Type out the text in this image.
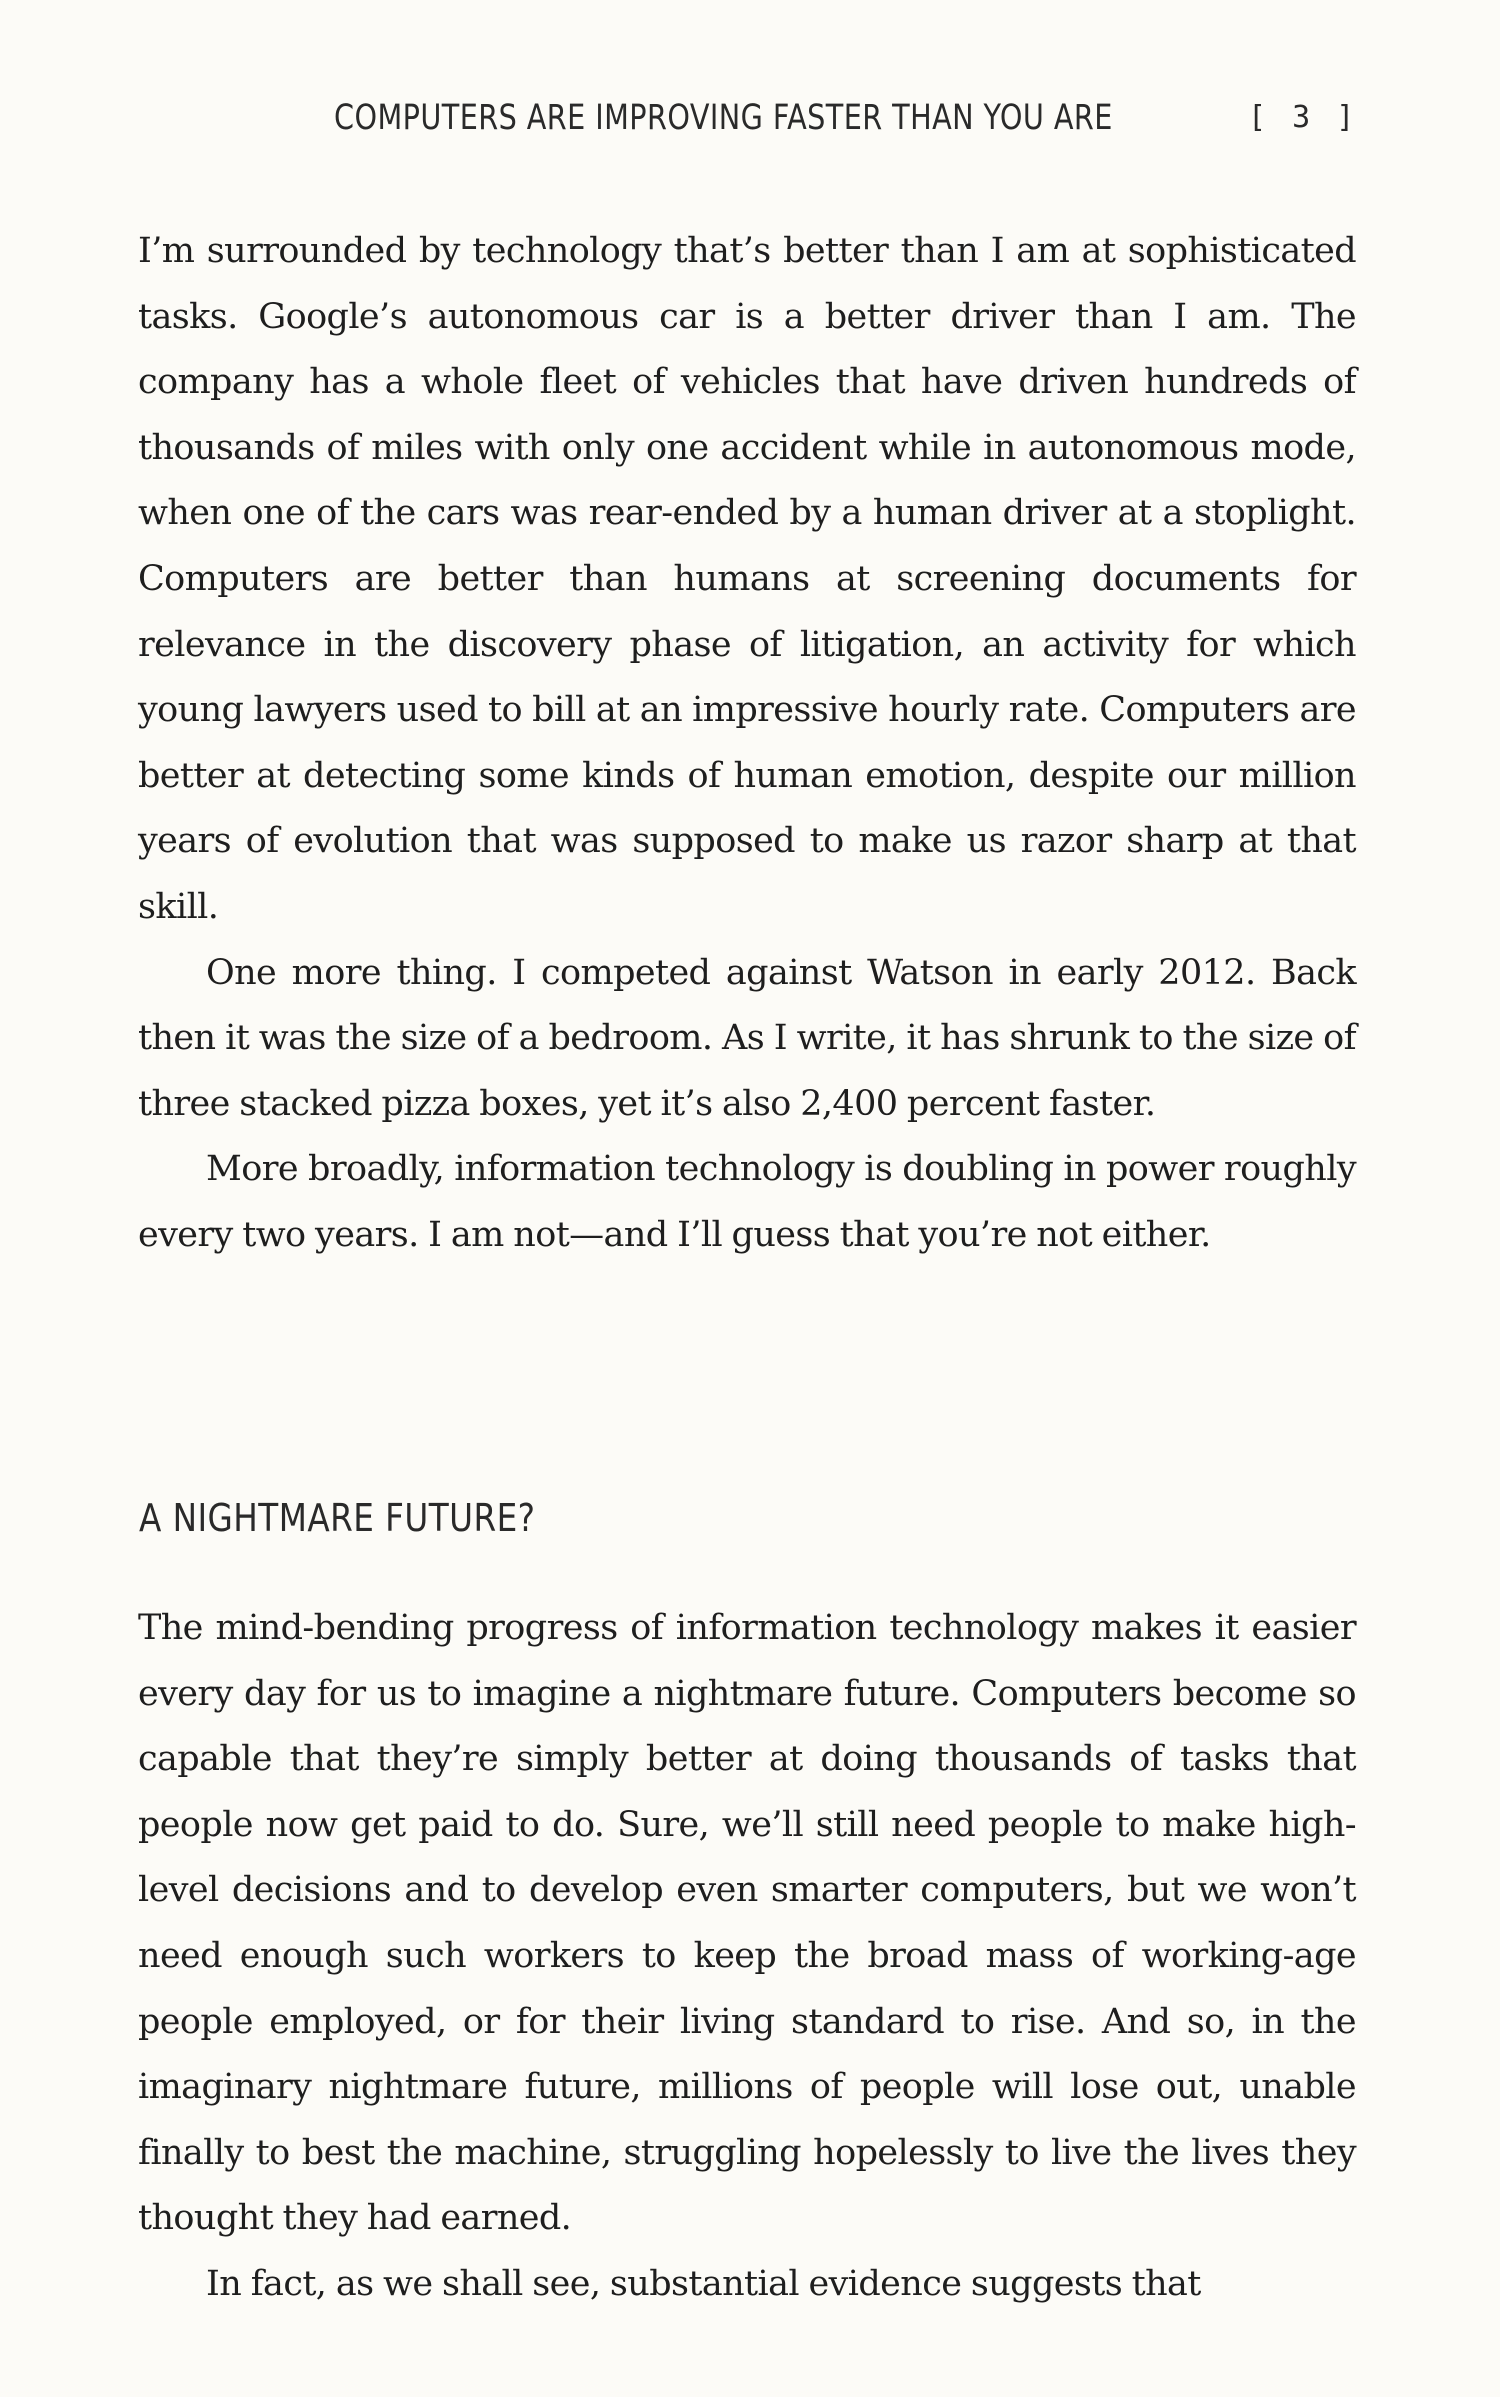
COMPUTERS ARE IMPROVING FASTER THAN YOU ARE	[ 3 ]

I’m surrounded by technology that’s better than I am at sophisticated tasks. Google’s autonomous car is a better driver than I am. The company has a whole fleet of vehicles that have driven hundreds of thousands of miles with only one accident while in autonomous mode, when one of the cars was rear-ended by a human driver at a stoplight. Computers are better than humans at screening documents for relevance in the discovery phase of litigation, an activity for which young lawyers used to bill at an impressive hourly rate. Computers are better at detecting some kinds of human emotion, despite our million years of evolution that was supposed to make us razor sharp at that skill.

One more thing. I competed against Watson in early 2012. Back then it was the size of a bedroom. As I write, it has shrunk to the size of three stacked pizza boxes, yet it’s also 2,400 percent faster.

More broadly, information technology is doubling in power roughly every two years. I am not—and I’ll guess that you’re not either.

A NIGHTMARE FUTURE?

The mind-bending progress of information technology makes it easier every day for us to imagine a nightmare future. Computers become so capable that they’re simply better at doing thousands of tasks that people now get paid to do. Sure, we’ll still need people to make high-level decisions and to develop even smarter computers, but we won’t need enough such workers to keep the broad mass of working-age people employed, or for their living standard to rise. And so, in the imaginary nightmare future, millions of people will lose out, unable finally to best the machine, struggling hopelessly to live the lives they thought they had earned.

In fact, as we shall see, substantial evidence suggests that
